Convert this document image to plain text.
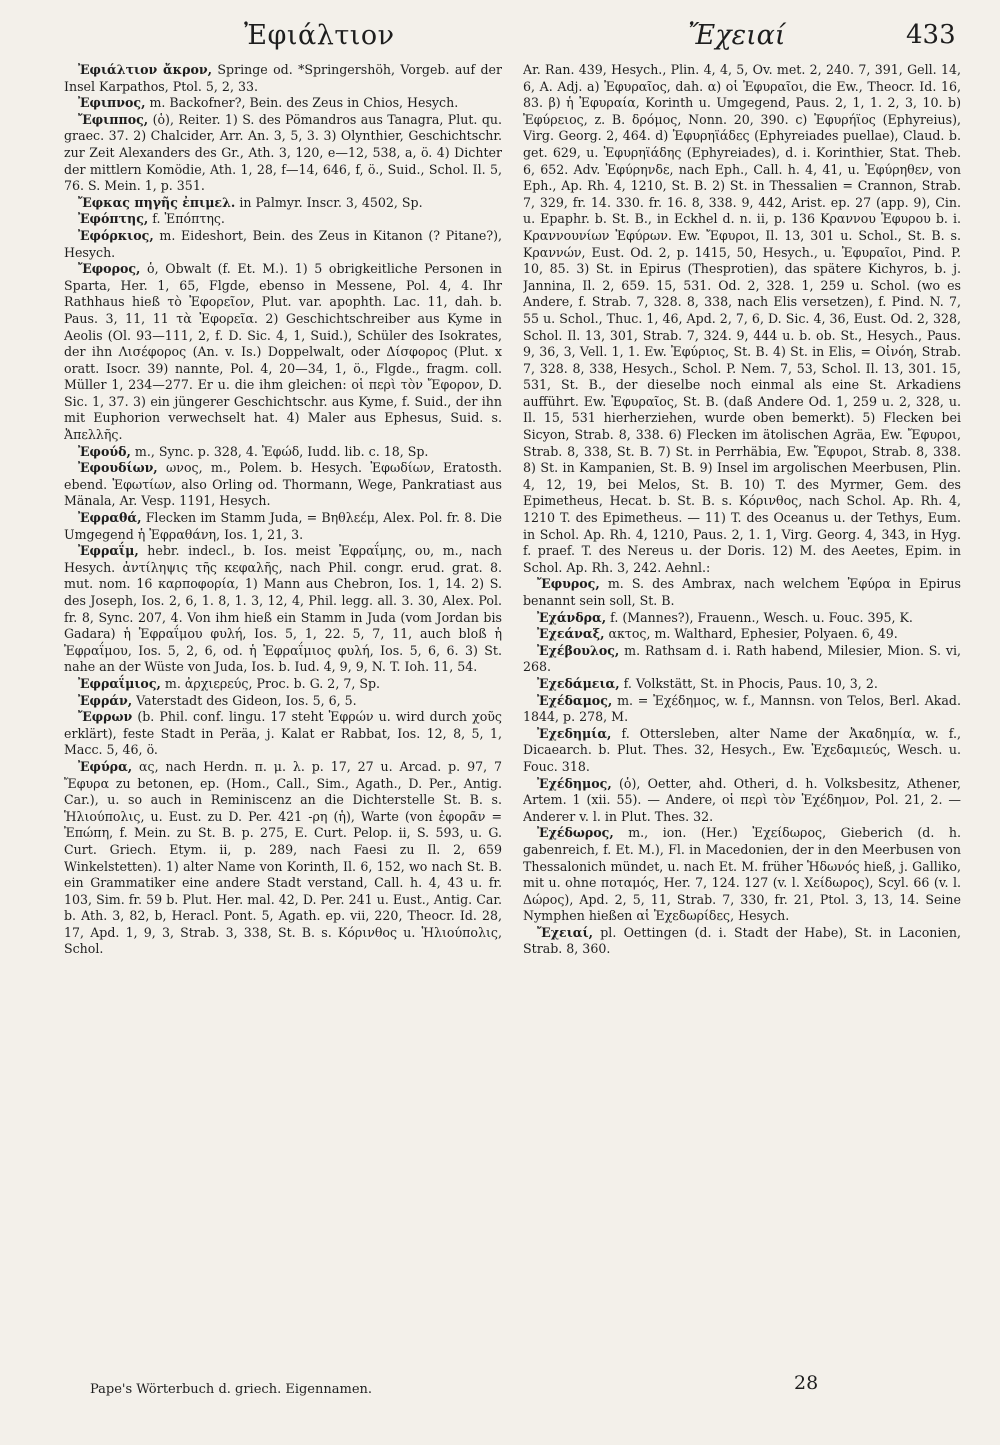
Ἐφιάλτιον	Ἔχειαί	433

Ἐφιάλτιον ἄκρον, Springe od. *Springershöh, Vorgeb. auf der Insel Karpathos, Ptol. 5, 2, 33.

Ἐφιπνος, m. Backofner?, Bein. des Zeus in Chios, Hesych.

Ἔφιππος, (ὁ), Reiter. 1) S. des Pömandros aus Tanagra, Plut. qu. graec. 37. 2) Chalcider, Arr. An. 3, 5, 3. 3) Olynthier, Geschichtschr. zur Zeit Alexanders des Gr., Ath. 3, 120, e—12, 538, a, ö. 4) Dichter der mittlern Komödie, Ath. 1, 28, f—14, 646, f, ö., Suid., Schol. Il. 5, 76. S. Mein. 1, p. 351.

Ἔφκας πηγῆς ἐπιμελ. in Palmyr. Inscr. 3, 4502, Sp.

Ἐφόπτης, f. Ἐπόπτης.

Ἐφόρκιος, m. Eideshort, Bein. des Zeus in Kitanon (? Pitane?), Hesych.

Ἔφορος, ὁ, Obwalt (f. Et. M.). 1) 5 obrigkeitliche Personen in Sparta, Her. 1, 65, Flgde, ebenso in Messene, Pol. 4, 4. Ihr Rathhaus hieß τὸ Ἐφορεῖον, Plut. var. apophth. Lac. 11, dah. b. Paus. 3, 11, 11 τὰ Ἐφορεῖα. 2) Geschichtschreiber aus Kyme in Aeolis (Ol. 93—111, 2, f. D. Sic. 4, 1, Suid.), Schüler des Isokrates, der ihn Λισέφορος (An. v. Is.) Doppelwalt, oder Δίσφορος (Plut. x oratt. Isocr. 39) nannte, Pol. 4, 20—34, 1, ö., Flgde., fragm. coll. Müller 1, 234—277. Er u. die ihm gleichen: οἱ περὶ τὸν Ἔφορον, D. Sic. 1, 37. 3) ein jüngerer Geschichtschr. aus Kyme, f. Suid., der ihn mit Euphorion verwechselt hat. 4) Maler aus Ephesus, Suid. s. Ἀπελλῆς.

Ἐφούδ, m., Sync. p. 328, 4. Ἐφώδ, Iudd. lib. c. 18, Sp.

Ἐφουδίων, ωνος, m., Polem. b. Hesych. Ἐφωδίων, Eratosth. ebend. Ἐφωτίων, also Orling od. Thormann, Wege, Pankratiast aus Mänala, Ar. Vesp. 1191, Hesych.

Ἐφραθά, Flecken im Stamm Juda, = Βηθλεέμ, Alex. Pol. fr. 8. Die Umgegend ἡ Ἐφραθάνη, Ios. 1, 21, 3.

Ἐφραΐμ, hebr. indecl., b. Ios. meist Ἐφραΐμης, ου, m., nach Hesych. ἀντίληψις τῆς κεφαλῆς, nach Phil. congr. erud. grat. 8. mut. nom. 16 καρποφορία, 1) Mann aus Chebron, Ios. 1, 14. 2) S. des Joseph, Ios. 2, 6, 1. 8, 1. 3, 12, 4, Phil. legg. all. 3. 30, Alex. Pol. fr. 8, Sync. 207, 4. Von ihm hieß ein Stamm in Juda (vom Jordan bis Gadara) ἡ Ἐφραΐμου φυλή, Ios. 5, 1, 22. 5, 7, 11, auch bloß ἡ Ἐφραΐμου, Ios. 5, 2, 6, od. ἡ Ἐφραΐμιος φυλή, Ios. 5, 6, 6. 3) St. nahe an der Wüste von Juda, Ios. b. Iud. 4, 9, 9, N. T. Ioh. 11, 54.

Ἐφραΐμιος, m. ἀρχιερεύς, Proc. b. G. 2, 7, Sp.

Ἐφράν, Vaterstadt des Gideon, Ios. 5, 6, 5.

Ἔφρων (b. Phil. conf. lingu. 17 steht Ἐφρών u. wird durch χοῦς erklärt), feste Stadt in Peräa, j. Kalat er Rabbat, Ios. 12, 8, 5, 1, Macc. 5, 46, ö.

Ἐφύρα, ας, nach Herdn. π. μ. λ. p. 17, 27 u. Arcad. p. 97, 7 Ἔφυρα zu betonen, ep. (Hom., Call., Sim., Agath., D. Per., Antig. Car.), u. so auch in Reminiscenz an die Dichterstelle St. B. s. Ἡλιούπολις, u. Eust. zu D. Per. 421 -ρη (ἡ), Warte (von ἐφορᾶν = Ἐπώπη, f. Mein. zu St. B. p. 275, E. Curt. Pelop. ii, S. 593, u. G. Curt. Griech. Etym. ii, p. 289, nach Faesi zu Il. 2, 659 Winkelstetten). 1) alter Name von Korinth, Il. 6, 152, wo nach St. B. ein Grammatiker eine andere Stadt verstand, Call. h. 4, 43 u. fr. 103, Sim. fr. 59 b. Plut. Her. mal. 42, D. Per. 241 u. Eust., Antig. Car. b. Ath. 3, 82, b, Heracl. Pont. 5, Agath. ep. vii, 220, Theocr. Id. 28, 17, Apd. 1, 9, 3, Strab. 3, 338, St. B. s. Κόρινθος u. Ἡλιούπολις, Schol.

Ar. Ran. 439, Hesych., Plin. 4, 4, 5, Ov. met. 2, 240. 7, 391, Gell. 14, 6, A. Adj. a) Ἐφυραῖος, dah. α) οἱ Ἐφυραῖοι, die Ew., Theocr. Id. 16, 83. β) ἡ Ἐφυραία, Korinth u. Umgegend, Paus. 2, 1, 1. 2, 3, 10. b) Ἐφύρειος, z. B. δρόμος, Nonn. 20, 390. c) Ἐφυρήϊος (Ephyreius), Virg. Georg. 2, 464. d) Ἐφυρηϊάδες (Ephyreiades puellae), Claud. b. get. 629, u. Ἐφυρηϊάδης (Ephyreiades), d. i. Korinthier, Stat. Theb. 6, 652. Adv. Ἐφύρηνδε, nach Eph., Call. h. 4, 41, u. Ἐφύρηθεν, von Eph., Ap. Rh. 4, 1210, St. B. 2) St. in Thessalien = Crannon, Strab. 7, 329, fr. 14. 330. fr. 16. 8, 338. 9, 442, Arist. ep. 27 (app. 9), Cin. u. Epaphr. b. St. B., in Eckhel d. n. ii, p. 136 Κραννου Ἐφυρου b. i. Κραννουνίων Ἐφύρων. Ew. Ἔφυροι, Il. 13, 301 u. Schol., St. B. s. Κραννών, Eust. Od. 2, p. 1415, 50, Hesych., u. Ἐφυραῖοι, Pind. P. 10, 85. 3) St. in Epirus (Thesprotien), das spätere Kichyros, b. j. Jannina, Il. 2, 659. 15, 531. Od. 2, 328. 1, 259 u. Schol. (wo es Andere, f. Strab. 7, 328. 8, 338, nach Elis versetzen), f. Pind. N. 7, 55 u. Schol., Thuc. 1, 46, Apd. 2, 7, 6, D. Sic. 4, 36, Eust. Od. 2, 328, Schol. Il. 13, 301, Strab. 7, 324. 9, 444 u. b. ob. St., Hesych., Paus. 9, 36, 3, Vell. 1, 1. Ew. Ἐφύριος, St. B. 4) St. in Elis, = Οἰνόη, Strab. 7, 328. 8, 338, Hesych., Schol. P. Nem. 7, 53, Schol. Il. 13, 301. 15, 531, St. B., der dieselbe noch einmal als eine St. Arkadiens aufführt. Ew. Ἐφυραῖος, St. B. (daß Andere Od. 1, 259 u. 2, 328, u. Il. 15, 531 hierherziehen, wurde oben bemerkt). 5) Flecken bei Sicyon, Strab. 8, 338. 6) Flecken im ätolischen Agräa, Ew. Ἔφυροι, Strab. 8, 338, St. B. 7) St. in Perrhäbia, Ew. Ἔφυροι, Strab. 8, 338. 8) St. in Kampanien, St. B. 9) Insel im argolischen Meerbusen, Plin. 4, 12, 19, bei Melos, St. B. 10) T. des Myrmer, Gem. des Epimetheus, Hecat. b. St. B. s. Κόρινθος, nach Schol. Ap. Rh. 4, 1210 T. des Epimetheus. — 11) T. des Oceanus u. der Tethys, Eum. in Schol. Ap. Rh. 4, 1210, Paus. 2, 1. 1, Virg. Georg. 4, 343, in Hyg. f. praef. T. des Nereus u. der Doris. 12) M. des Aeetes, Epim. in Schol. Ap. Rh. 3, 242. Aehnl.:

Ἔφυρος, m. S. des Ambrax, nach welchem Ἐφύρα in Epirus benannt sein soll, St. B.

Ἐχάνδρα, f. (Mannes?), Frauenn., Wesch. u. Fouc. 395, K.

Ἐχεάναξ, ακτος, m. Walthard, Ephesier, Polyaen. 6, 49.

Ἐχέβουλος, m. Rathsam d. i. Rath habend, Milesier, Mion. S. vi, 268.

Ἐχεδάμεια, f. Volkstätt, St. in Phocis, Paus. 10, 3, 2.

Ἐχέδαμος, m. = Ἐχέδημος, w. f., Mannsn. von Telos, Berl. Akad. 1844, p. 278, M.

Ἐχεδημία, f. Ottersleben, alter Name der Ἀκαδημία, w. f., Dicaearch. b. Plut. Thes. 32, Hesych., Ew. Ἐχεδαμιεύς, Wesch. u. Fouc. 318.

Ἐχέδημος, (ὁ), Oetter, ahd. Otheri, d. h. Volksbesitz, Athener, Artem. 1 (xii. 55). — Andere, οἱ περὶ τὸν Ἐχέδημον, Pol. 21, 2. — Anderer v. l. in Plut. Thes. 32.

Ἐχέδωρος, m., ion. (Her.) Ἐχείδωρος, Gieberich (d. h. gabenreich, f. Et. M.), Fl. in Macedonien, der in den Meerbusen von Thessalonich mündet, u. nach Et. M. früher Ἡδωνός hieß, j. Galliko, mit u. ohne ποταμός, Her. 7, 124. 127 (v. l. Χείδωρος), Scyl. 66 (v. l. Δώρος), Apd. 2, 5, 11, Strab. 7, 330, fr. 21, Ptol. 3, 13, 14. Seine Nymphen hießen αἱ Ἐχεδωρίδες, Hesych.

Ἔχειαί, pl. Oettingen (d. i. Stadt der Habe), St. in Laconien, Strab. 8, 360.

Pape's Wörterbuch d. griech. Eigennamen.	28
